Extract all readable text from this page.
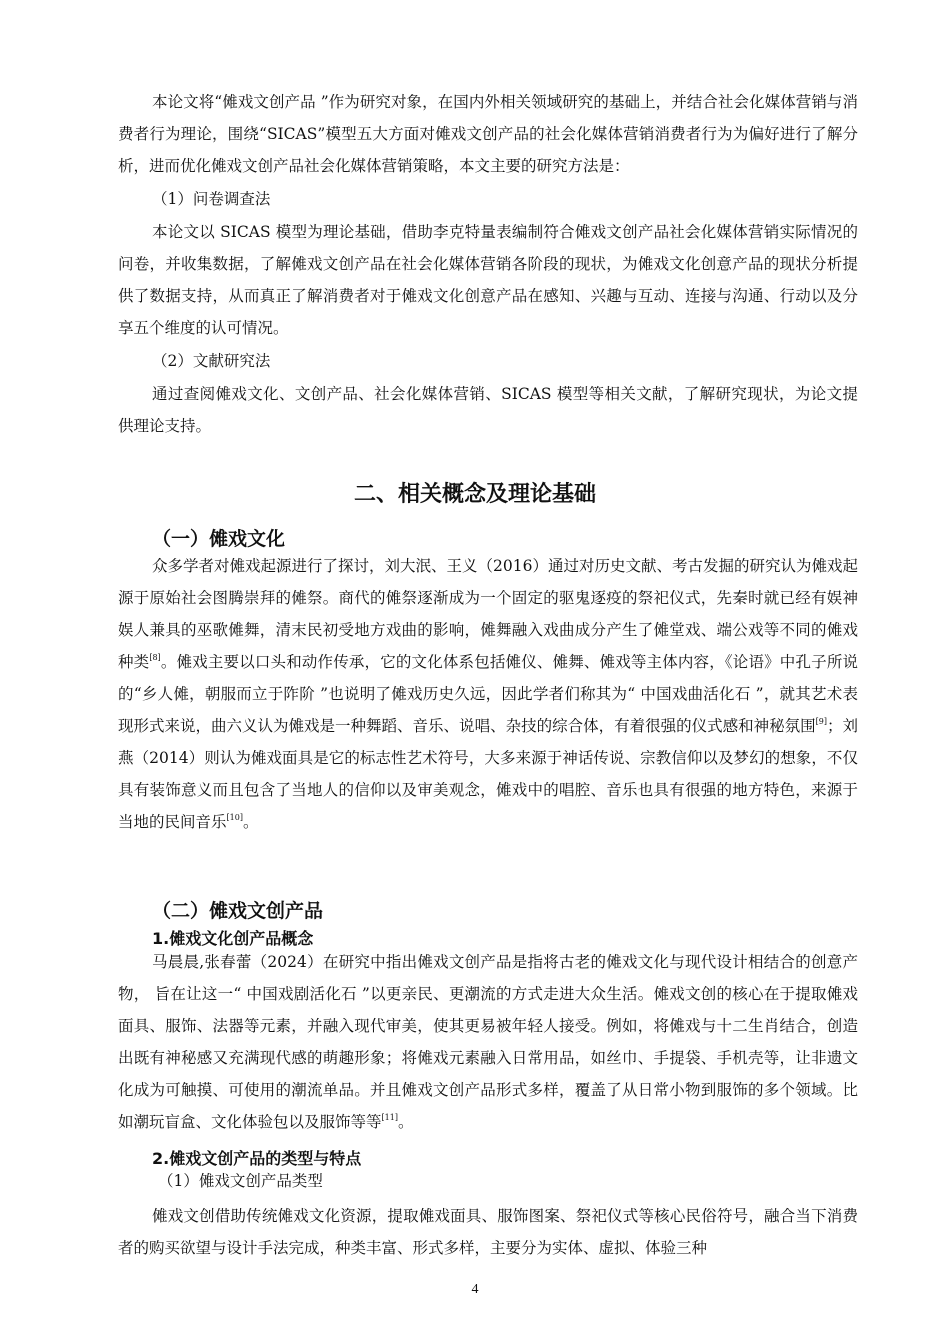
本论文将“傩戏文创产品 ”作为研究对象，在国内外相关领域研究的基础上，并结合社会化媒体营销与消费者行为理论，围绕“SICAS”模型五大方面对傩戏文创产品的社会化媒体营销消费者行为为偏好进行了解分析，进而优化傩戏文创产品社会化媒体营销策略，本文主要的研究方法是：

（1）问卷调查法

本论文以 SICAS 模型为理论基础，借助李克特量表编制符合傩戏文创产品社会化媒体营销实际情况的问卷，并收集数据，了解傩戏文创产品在社会化媒体营销各阶段的现状，为傩戏文化创意产品的现状分析提供了数据支持，从而真正了解消费者对于傩戏文化创意产品在感知、兴趣与互动、连接与沟通、行动以及分享五个维度的认可情况。

（2）文献研究法

通过查阅傩戏文化、文创产品、社会化媒体营销、SICAS 模型等相关文献，了解研究现状，为论文提供理论支持。

二、相关概念及理论基础
（一）傩戏文化

众多学者对傩戏起源进行了探讨，刘大泯、王义（2016）通过对历史文献、考古发掘的研究认为傩戏起源于原始社会图腾崇拜的傩祭。商代的傩祭逐渐成为一个固定的驱鬼逐疫的祭祀仪式，先秦时就已经有娱神娱人兼具的巫歌傩舞，清末民初受地方戏曲的影响，傩舞融入戏曲成分产生了傩堂戏、端公戏等不同的傩戏种类[8]。傩戏主要以口头和动作传承，它的文化体系包括傩仪、傩舞、傩戏等主体内容，《论语》中孔子所说的“乡人傩，朝服而立于阼阶 ”也说明了傩戏历史久远，因此学者们称其为“ 中国戏曲活化石 ”，就其艺术表现形式来说，曲六义认为傩戏是一种舞蹈、音乐、说唱、杂技的综合体，有着很强的仪式感和神秘氛围[9]；刘燕（2014）则认为傩戏面具是它的标志性艺术符号，大多来源于神话传说、宗教信仰以及梦幻的想象，不仅具有装饰意义而且包含了当地人的信仰以及审美观念，傩戏中的唱腔、音乐也具有很强的地方特色，来源于当地的民间音乐[10]。

（二）傩戏文创产品
1.傩戏文化创产品概念

马晨晨,张春蕾（2024）在研究中指出傩戏文创产品是指将古老的傩戏文化与现代设计相结合的创意产物， 旨在让这一“ 中国戏剧活化石 ”以更亲民、更潮流的方式走进大众生活。傩戏文创的核心在于提取傩戏面具、服饰、法器等元素，并融入现代审美，使其更易被年轻人接受。例如，将傩戏与十二生肖结合，创造出既有神秘感又充满现代感的萌趣形象；将傩戏元素融入日常用品，如丝巾、手提袋、手机壳等，让非遗文化成为可触摸、可使用的潮流单品。并且傩戏文创产品形式多样，覆盖了从日常小物到服饰的多个领域。比如潮玩盲盒、文化体验包以及服饰等等[11]。

2.傩戏文创产品的类型与特点

（1）傩戏文创产品类型

傩戏文创借助传统傩戏文化资源，提取傩戏面具、服饰图案、祭祀仪式等核心民俗符号，融合当下消费者的购买欲望与设计手法完成，种类丰富、形式多样，主要分为实体、虚拟、体验三种

4
